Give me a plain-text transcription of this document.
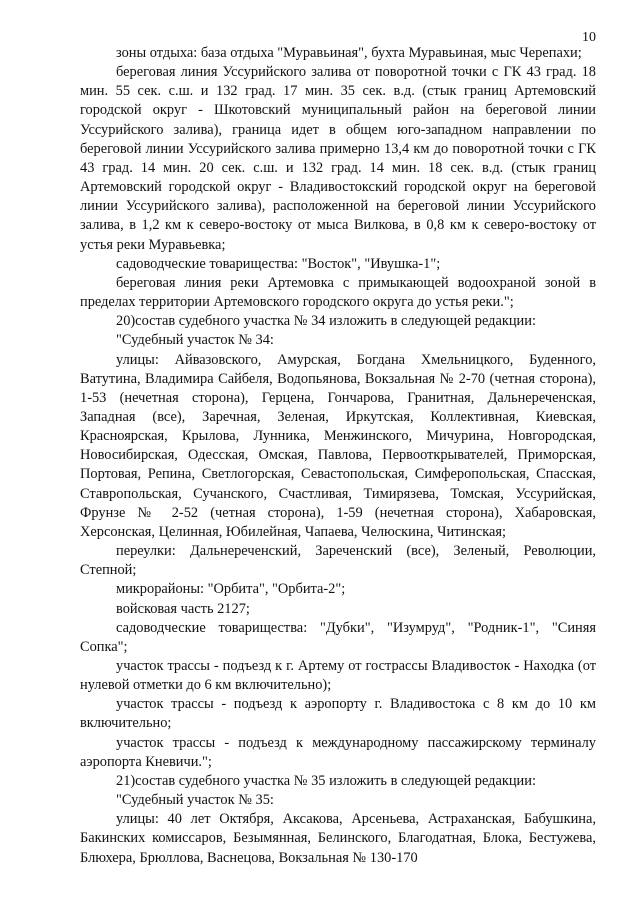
10

зоны отдыха: база отдыха "Муравьиная", бухта Муравьиная, мыс Черепахи;

береговая линия Уссурийского залива от поворотной точки с ГК 43 град. 18 мин. 55 сек. с.ш. и 132 град. 17 мин. 35 сек. в.д. (стык границ Артемовский городской округ - Шкотовский муниципальный район на береговой линии Уссурийского залива), граница идет в общем юго-западном направлении по береговой линии Уссурийского залива примерно 13,4 км до поворотной точки с ГК 43 град. 14 мин. 20 сек. с.ш. и 132 град. 14 мин. 18 сек. в.д. (стык границ Артемовский городской округ - Владивостокский городской округ на береговой линии Уссурийского залива), расположенной на береговой линии Уссурийского залива, в 1,2 км к северо-востоку от мыса Вилкова, в 0,8 км к северо-востоку от устья реки Муравьевка;

садоводческие товарищества: "Восток", "Ивушка-1";

береговая линия реки Артемовка с примыкающей водоохраной зоной в пределах территории Артемовского городского округа до устья реки.";

20)состав судебного участка № 34 изложить в следующей редакции:

"Судебный участок № 34:

улицы: Айвазовского, Амурская, Богдана Хмельницкого, Буденного, Ватутина, Владимира Сайбеля, Водопьянова, Вокзальная № 2-70 (четная сторона), 1-53 (нечетная сторона), Герцена, Гончарова, Гранитная, Дальнереченская, Западная (все), Заречная, Зеленая, Иркутская, Коллективная, Киевская, Красноярская, Крылова, Лунника, Менжинского, Мичурина, Новгородская, Новосибирская, Одесская, Омская, Павлова, Первооткрывателей, Приморская, Портовая, Репина, Светлогорская, Севастопольская, Симферопольская, Спасская, Ставропольская, Сучанского, Счастливая, Тимирязева, Томская, Уссурийская, Фрунзе № 2-52 (четная сторона), 1-59 (нечетная сторона), Хабаровская, Херсонская, Целинная, Юбилейная, Чапаева, Челюскина, Читинская;

переулки: Дальнереченский, Зареченский (все), Зеленый, Революции, Степной;

микрорайоны: "Орбита", "Орбита-2";

войсковая часть 2127;

садоводческие товарищества: "Дубки", "Изумруд", "Родник-1", "Синяя Сопка";

участок трассы - подъезд к г. Артему от гострассы Владивосток - Находка (от нулевой отметки до 6 км включительно);

участок трассы - подъезд к аэропорту г. Владивостока с 8 км до 10 км включительно;

участок трассы - подъезд к международному пассажирскому терминалу аэропорта Кневичи.";

21)состав судебного участка № 35 изложить в следующей редакции:

"Судебный участок № 35:

улицы: 40 лет Октября, Аксакова, Арсеньева, Астраханская, Бабушкина, Бакинских комиссаров, Безымянная, Белинского, Благодатная, Блока, Бестужева, Блюхера, Брюллова, Васнецова, Вокзальная № 130-170
